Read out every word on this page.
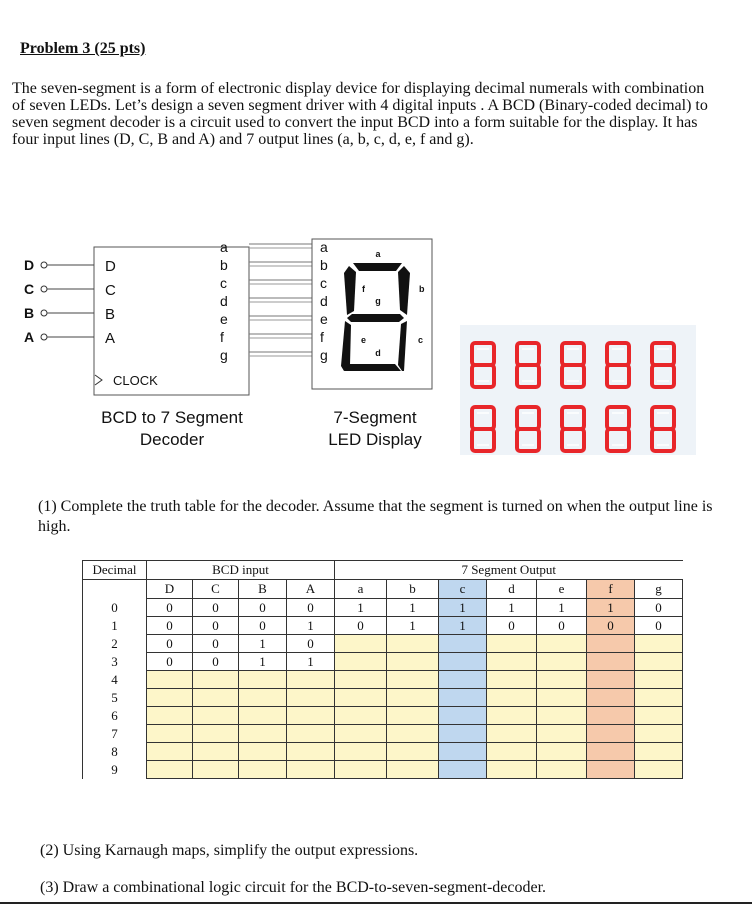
Problem 3 (25 pts)
The seven-segment is a form of electronic display device for displaying decimal numerals with combination of seven LEDs. Let’s design a seven segment driver with 4 digital inputs . A BCD (Binary-coded decimal) to seven segment decoder is a circuit used to convert the input BCD into a form suitable for the display. It has four input lines (D, C, B and A) and 7 output lines (a, b, c, d, e, f and g).
D	D
C	C
B	B
A	A
a
b
c
d
e
f
g
CLOCK
BCD to 7 Segment
Decoder
7-Segment
LED Display
a
b
c
d
e
f
g
a
b
c
d
e
f
g
(1) Complete the truth table for the decoder. Assume that the segment is turned on when the output line is high.
Decimal	BCD input				7 Segment Output						
	D	C	B	A	a	b	c	d	e	f	g
0	0	0	0	0	1	1	1	1	1	1	0
1	0	0	0	1	0	1	1	0	0	0	0
2	0	0	1	0							
3	0	0	1	1							
4											
5											
6											
7											
8											
9											
(2) Using Karnaugh maps, simplify the output expressions.
(3) Draw a combinational logic circuit for the BCD-to-seven-segment-decoder.
